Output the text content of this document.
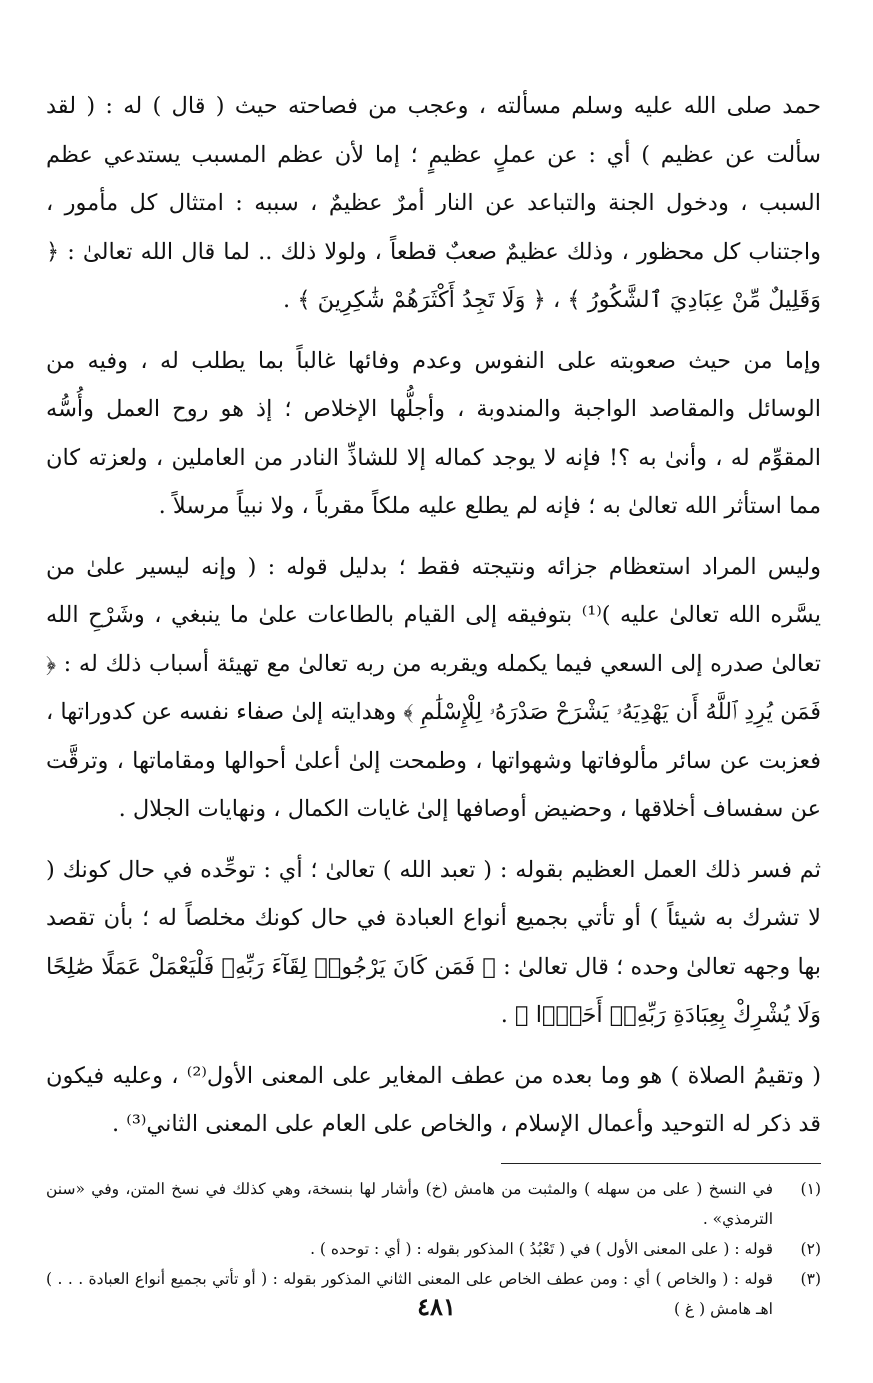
حمد صلى الله عليه وسلم مسألته ، وعجب من فصاحته حيث ( قال ) له : ( لقد سألت عن عظيم ) أي : عن عملٍ عظيمٍ ؛ إما لأن عظم المسبب يستدعي عظم السبب ، ودخول الجنة والتباعد عن النار أمرٌ عظيمٌ ، سببه : امتثال كل مأمور ، واجتناب كل محظور ، وذلك عظيمٌ صعبٌ قطعاً ، ولولا ذلك .. لما قال الله تعالىٰ : ﴿ وَقَلِيلٌ مِّنْ عِبَادِيَ ٱلشَّكُورُ ﴾ ، ﴿ وَلَا تَجِدُ أَكْثَرَهُمْ شَٰكِرِينَ ﴾ .

وإما من حيث صعوبته على النفوس وعدم وفائها غالباً بما يطلب له ، وفيه من الوسائل والمقاصد الواجبة والمندوبة ، وأجلُّها الإخلاص ؛ إذ هو روح العمل وأُسُّه المقوِّم له ، وأنىٰ به ؟! فإنه لا يوجد كماله إلا للشاذِّ النادر من العاملين ، ولعزته كان مما استأثر الله تعالىٰ به ؛ فإنه لم يطلع عليه ملكاً مقرباً ، ولا نبياً مرسلاً .

وليس المراد استعظام جزائه ونتيجته فقط ؛ بدليل قوله : ( وإنه ليسير علىٰ من يسَّره الله تعالىٰ عليه )⁽¹⁾ بتوفيقه إلى القيام بالطاعات علىٰ ما ينبغي ، وشَرْحِ الله تعالىٰ صدره إلى السعي فيما يكمله ويقربه من ربه تعالىٰ مع تهيئة أسباب ذلك له : ﴿ فَمَن يُرِدِ ٱللَّهُ أَن يَهْدِيَهُۥ يَشْرَحْ صَدْرَهُۥ لِلْإِسْلَٰمِ ﴾ وهدايته إلىٰ صفاء نفسه عن كدوراتها ، فعزبت عن سائر مألوفاتها وشهواتها ، وطمحت إلىٰ أعلىٰ أحوالها ومقاماتها ، وترقَّت عن سفساف أخلاقها ، وحضيض أوصافها إلىٰ غايات الكمال ، ونهايات الجلال .

ثم فسر ذلك العمل العظيم بقوله : ( تعبد الله ) تعالىٰ ؛ أي : توحِّده في حال كونك ( لا تشرك به شيئاً ) أو تأتي بجميع أنواع العبادة في حال كونك مخلصاً له ؛ بأن تقصد بها وجهه تعالىٰ وحده ؛ قال تعالىٰ : ﴿ فَمَن كَانَ يَرْجُوا۟ لِقَآءَ رَبِّهِۦ فَلْيَعْمَلْ عَمَلًا صَٰلِحًا وَلَا يُشْرِكْ بِعِبَادَةِ رَبِّهِۦٓ أَحَدًۢا ﴾ .

( وتقيمُ الصلاة ) هو وما بعده من عطف المغاير على المعنى الأول⁽²⁾ ، وعليه فيكون قد ذكر له التوحيد وأعمال الإسلام ، والخاص على العام على المعنى الثاني⁽³⁾ .

(١)
في النسخ ( على من سهله ) والمثبت من هامش (خ) وأشار لها بنسخة، وهي كذلك في نسخ المتن، وفي «سنن الترمذي» .
(٢)
قوله : ( على المعنى الأول ) في ( تَعْبُدُ ) المذكور بقوله : ( أي : توحده ) .
(٣)
قوله : ( والخاص ) أي : ومن عطف الخاص على المعنى الثاني المذكور بقوله : ( أو تأتي بجميع أنواع العبادة . . . ) اهـ هامش ( غ )
٤٨١
